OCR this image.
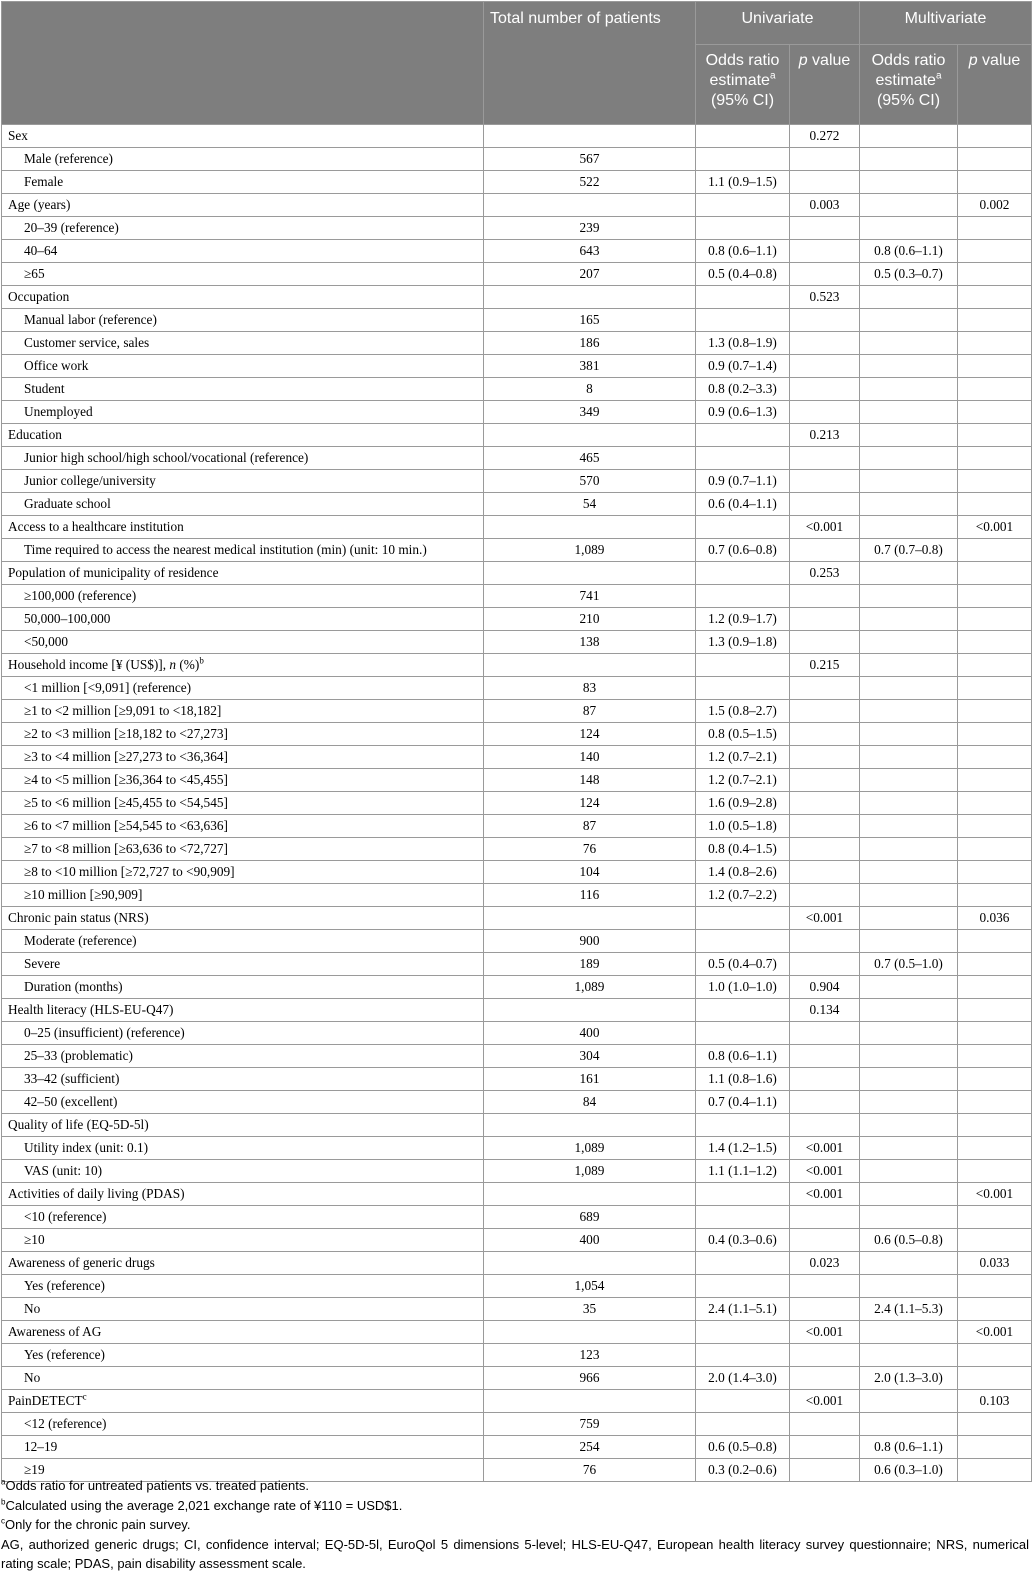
	Total number of patients	Univariate		Multivariate	
		Odds ratio
estimate$^a$
(95% CI)	p value	Odds ratio
estimate$^a$
(95% CI)	p value
Sex			0.272		
Male (reference)	567				
Female	522	1.1 (0.9–1.5)			
Age (years)			0.003		0.002
20–39 (reference)	239				
40–64	643	0.8 (0.6–1.1)		0.8 (0.6–1.1)	
≥65	207	0.5 (0.4–0.8)		0.5 (0.3–0.7)	
Occupation			0.523		
Manual labor (reference)	165				
Customer service, sales	186	1.3 (0.8–1.9)			
Office work	381	0.9 (0.7–1.4)			
Student	8	0.8 (0.2–3.3)			
Unemployed	349	0.9 (0.6–1.3)			
Education			0.213		
Junior high school/high school/vocational (reference)	465				
Junior college/university	570	0.9 (0.7–1.1)			
Graduate school	54	0.6 (0.4–1.1)			
Access to a healthcare institution			<0.001		<0.001
Time required to access the nearest medical institution (min) (unit: 10 min.)	1,089	0.7 (0.6–0.8)		0.7 (0.7–0.8)	
Population of municipality of residence			0.253		
≥100,000 (reference)	741				
50,000–100,000	210	1.2 (0.9–1.7)			
<50,000	138	1.3 (0.9–1.8)			
Household income [¥ (US$)], n (%)$^b$			0.215		
<1 million [<9,091] (reference)	83				
≥1 to <2 million [≥9,091 to <18,182]	87	1.5 (0.8–2.7)			
≥2 to <3 million [≥18,182 to <27,273]	124	0.8 (0.5–1.5)			
≥3 to <4 million [≥27,273 to <36,364]	140	1.2 (0.7–2.1)			
≥4 to <5 million [≥36,364 to <45,455]	148	1.2 (0.7–2.1)			
≥5 to <6 million [≥45,455 to <54,545]	124	1.6 (0.9–2.8)			
≥6 to <7 million [≥54,545 to <63,636]	87	1.0 (0.5–1.8)			
≥7 to <8 million [≥63,636 to <72,727]	76	0.8 (0.4–1.5)			
≥8 to <10 million [≥72,727 to <90,909]	104	1.4 (0.8–2.6)			
≥10 million [≥90,909]	116	1.2 (0.7–2.2)			
Chronic pain status (NRS)			<0.001		0.036
Moderate (reference)	900				
Severe	189	0.5 (0.4–0.7)		0.7 (0.5–1.0)	
Duration (months)	1,089	1.0 (1.0–1.0)	0.904		
Health literacy (HLS-EU-Q47)			0.134		
0–25 (insufficient) (reference)	400				
25–33 (problematic)	304	0.8 (0.6–1.1)			
33–42 (sufficient)	161	1.1 (0.8–1.6)			
42–50 (excellent)	84	0.7 (0.4–1.1)			
Quality of life (EQ-5D-5l)					
Utility index (unit: 0.1)	1,089	1.4 (1.2–1.5)	<0.001		
VAS (unit: 10)	1,089	1.1 (1.1–1.2)	<0.001		
Activities of daily living (PDAS)			<0.001		<0.001
<10 (reference)	689				
≥10	400	0.4 (0.3–0.6)		0.6 (0.5–0.8)	
Awareness of generic drugs			0.023		0.033
Yes (reference)	1,054				
No	35	2.4 (1.1–5.1)		2.4 (1.1–5.3)	
Awareness of AG			<0.001		<0.001
Yes (reference)	123				
No	966	2.0 (1.4–3.0)		2.0 (1.3–3.0)	
PainDETECT$^c$			<0.001		0.103
<12 (reference)	759				
12–19	254	0.6 (0.5–0.8)		0.8 (0.6–1.1)	
≥19	76	0.3 (0.2–0.6)		0.6 (0.3–1.0)	

$^a$Odds ratio for untreated patients vs. treated patients.

$^b$Calculated using the average 2,021 exchange rate of ¥110 = USD$1.

$^c$Only for the chronic pain survey.

AG, authorized generic drugs; CI, confidence interval; EQ-5D-5l, EuroQol 5 dimensions 5-level; HLS-EU-Q47, European health literacy survey questionnaire; NRS, numerical rating scale; PDAS, pain disability assessment scale.
